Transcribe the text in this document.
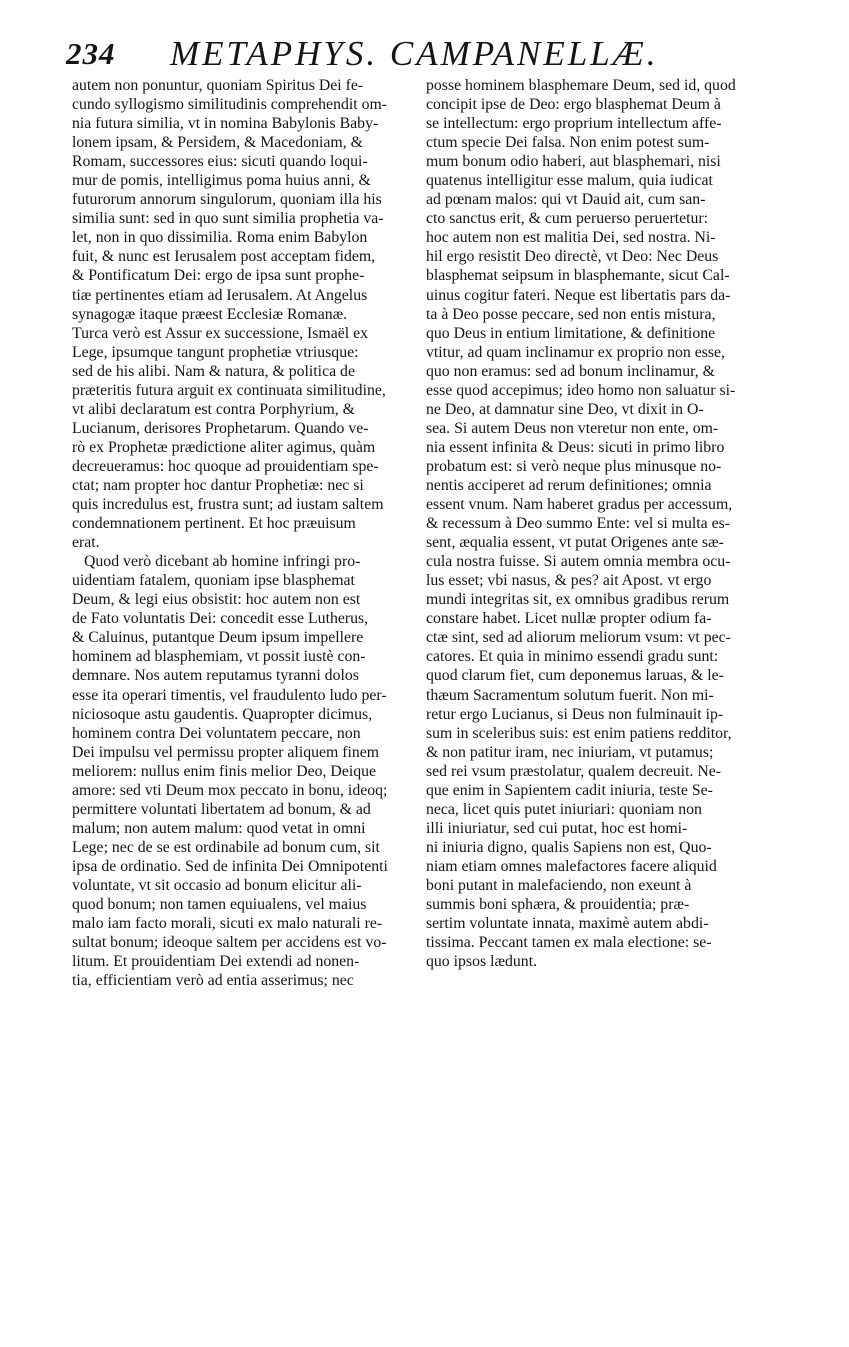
234 METAPHYS. CAMPANELLÆ.
autem non ponuntur, quoniam Spiritus Dei fe-
cundo syllogismo similitudinis comprehendit om-
nia futura similia, vt in nomina Babylonis Baby-
lonem ipsam, & Persidem, & Macedoniam, &
Romam, successores eius: sicuti quando loqui-
mur de pomis, intelligimus poma huius anni, &
futurorum annorum singulorum, quoniam illa his
similia sunt: sed in quo sunt similia prophetia va-
let, non in quo dissimilia. Roma enim Babylon
fuit, & nunc est Ierusalem post acceptam fidem,
& Pontificatum Dei: ergo de ipsa sunt prophe-
tiæ pertinentes etiam ad Ierusalem. At Angelus
synagogæ itaque præest Ecclesiæ Romanæ.
Turca verò est Assur ex successione, Ismaël ex
Lege, ipsumque tangunt prophetiæ vtriusque:
sed de his alibi. Nam & natura, & politica de
præteritis futura arguit ex continuata similitudine,
vt alibi declaratum est contra Porphyrium, &
Lucianum, derisores Prophetarum. Quando ve-
rò ex Prophetæ prædictione aliter agimus, quàm
decreueramus: hoc quoque ad prouidentiam spe-
ctat; nam propter hoc dantur Prophetiæ: nec si
quis incredulus est, frustra sunt; ad iustam saltem
condemnationem pertinent. Et hoc præuisum
erat.
Quod verò dicebant ab homine infringi pro-
uidentiam fatalem, quoniam ipse blasphemat
Deum, & legi eius obsistit: hoc autem non est
de Fato voluntatis Dei: concedit esse Lutherus,
& Caluinus, putantque Deum ipsum impellere
hominem ad blasphemiam, vt possit iustè con-
demnare. Nos autem reputamus tyranni dolos
esse ita operari timentis, vel fraudulento ludo per-
niciosoque astu gaudentis. Quapropter dicimus,
hominem contra Dei voluntatem peccare, non
Dei impulsu vel permissu propter aliquem finem
meliorem: nullus enim finis melior Deo, Deique
amore: sed vti Deum mox peccato in bonu, ideoq;
permittere voluntati libertatem ad bonum, & ad
malum; non autem malum: quod vetat in omni
Lege; nec de se est ordinabile ad bonum cum, sit
ipsa de ordinatio. Sed de infinita Dei Omnipotenti
voluntate, vt sit occasio ad bonum elicitur ali-
quod bonum; non tamen equiualens, vel maius
malo iam facto morali, sicuti ex malo naturali re-
sultat bonum; ideoque saltem per accidens est vo-
litum. Et prouidentiam Dei extendi ad nonen-
tia, efficientiam verò ad entia asserimus; nec
posse hominem blasphemare Deum, sed id, quod
concipit ipse de Deo: ergo blasphemat Deum à
se intellectum: ergo proprium intellectum affe-
ctum specie Dei falsa. Non enim potest sum-
mum bonum odio haberi, aut blasphemari, nisi
quatenus intelligitur esse malum, quia iudicat
ad pœnam malos: qui vt Dauid ait, cum san-
cto sanctus erit, & cum peruerso peruertetur:
hoc autem non est malitia Dei, sed nostra. Ni-
hil ergo resistit Deo directè, vt Deo: Nec Deus
blasphemat seipsum in blasphemante, sicut Cal-
uinus cogitur fateri. Neque est libertatis pars da-
ta à Deo posse peccare, sed non entis mistura,
quo Deus in entium limitatione, & definitione
vtitur, ad quam inclinamur ex proprio non esse,
quo non eramus: sed ad bonum inclinamur, &
esse quod accepimus; ideo homo non saluatur si-
ne Deo, at damnatur sine Deo, vt dixit in O-
sea. Si autem Deus non vteretur non ente, om-
nia essent infinita & Deus: sicuti in primo libro
probatum est: si verò neque plus minusque no-
nentis acciperet ad rerum definitiones; omnia
essent vnum. Nam haberet gradus per accessum,
& recessum à Deo summo Ente: vel si multa es-
sent, æqualia essent, vt putat Origenes ante sæ-
cula nostra fuisse. Si autem omnia membra ocu-
lus esset; vbi nasus, & pes? ait Apost. vt ergo
mundi integritas sit, ex omnibus gradibus rerum
constare habet. Licet nullæ propter odium fa-
ctæ sint, sed ad aliorum meliorum vsum: vt pec-
catores. Et quia in minimo essendi gradu sunt:
quod clarum fiet, cum deponemus laruas, & le-
thæum Sacramentum solutum fuerit. Non mi-
retur ergo Lucianus, si Deus non fulminauit ip-
sum in sceleribus suis: est enim patiens redditor,
& non patitur iram, nec iniuriam, vt putamus;
sed rei vsum præstolatur, qualem decreuit. Ne-
que enim in Sapientem cadit iniuria, teste Se-
neca, licet quis putet iniuriari: quoniam non
illi iniuriatur, sed cui putat, hoc est homi-
ni iniuria digno, qualis Sapiens non est, Quo-
niam etiam omnes malefactores facere aliquid
boni putant in malefaciendo, non exeunt à
summis boni sphæra, & prouidentia; præ-
sertim voluntate innata, maximè autem abdi-
tissima. Peccant tamen ex mala electione: se-
quo ipsos lædunt.
